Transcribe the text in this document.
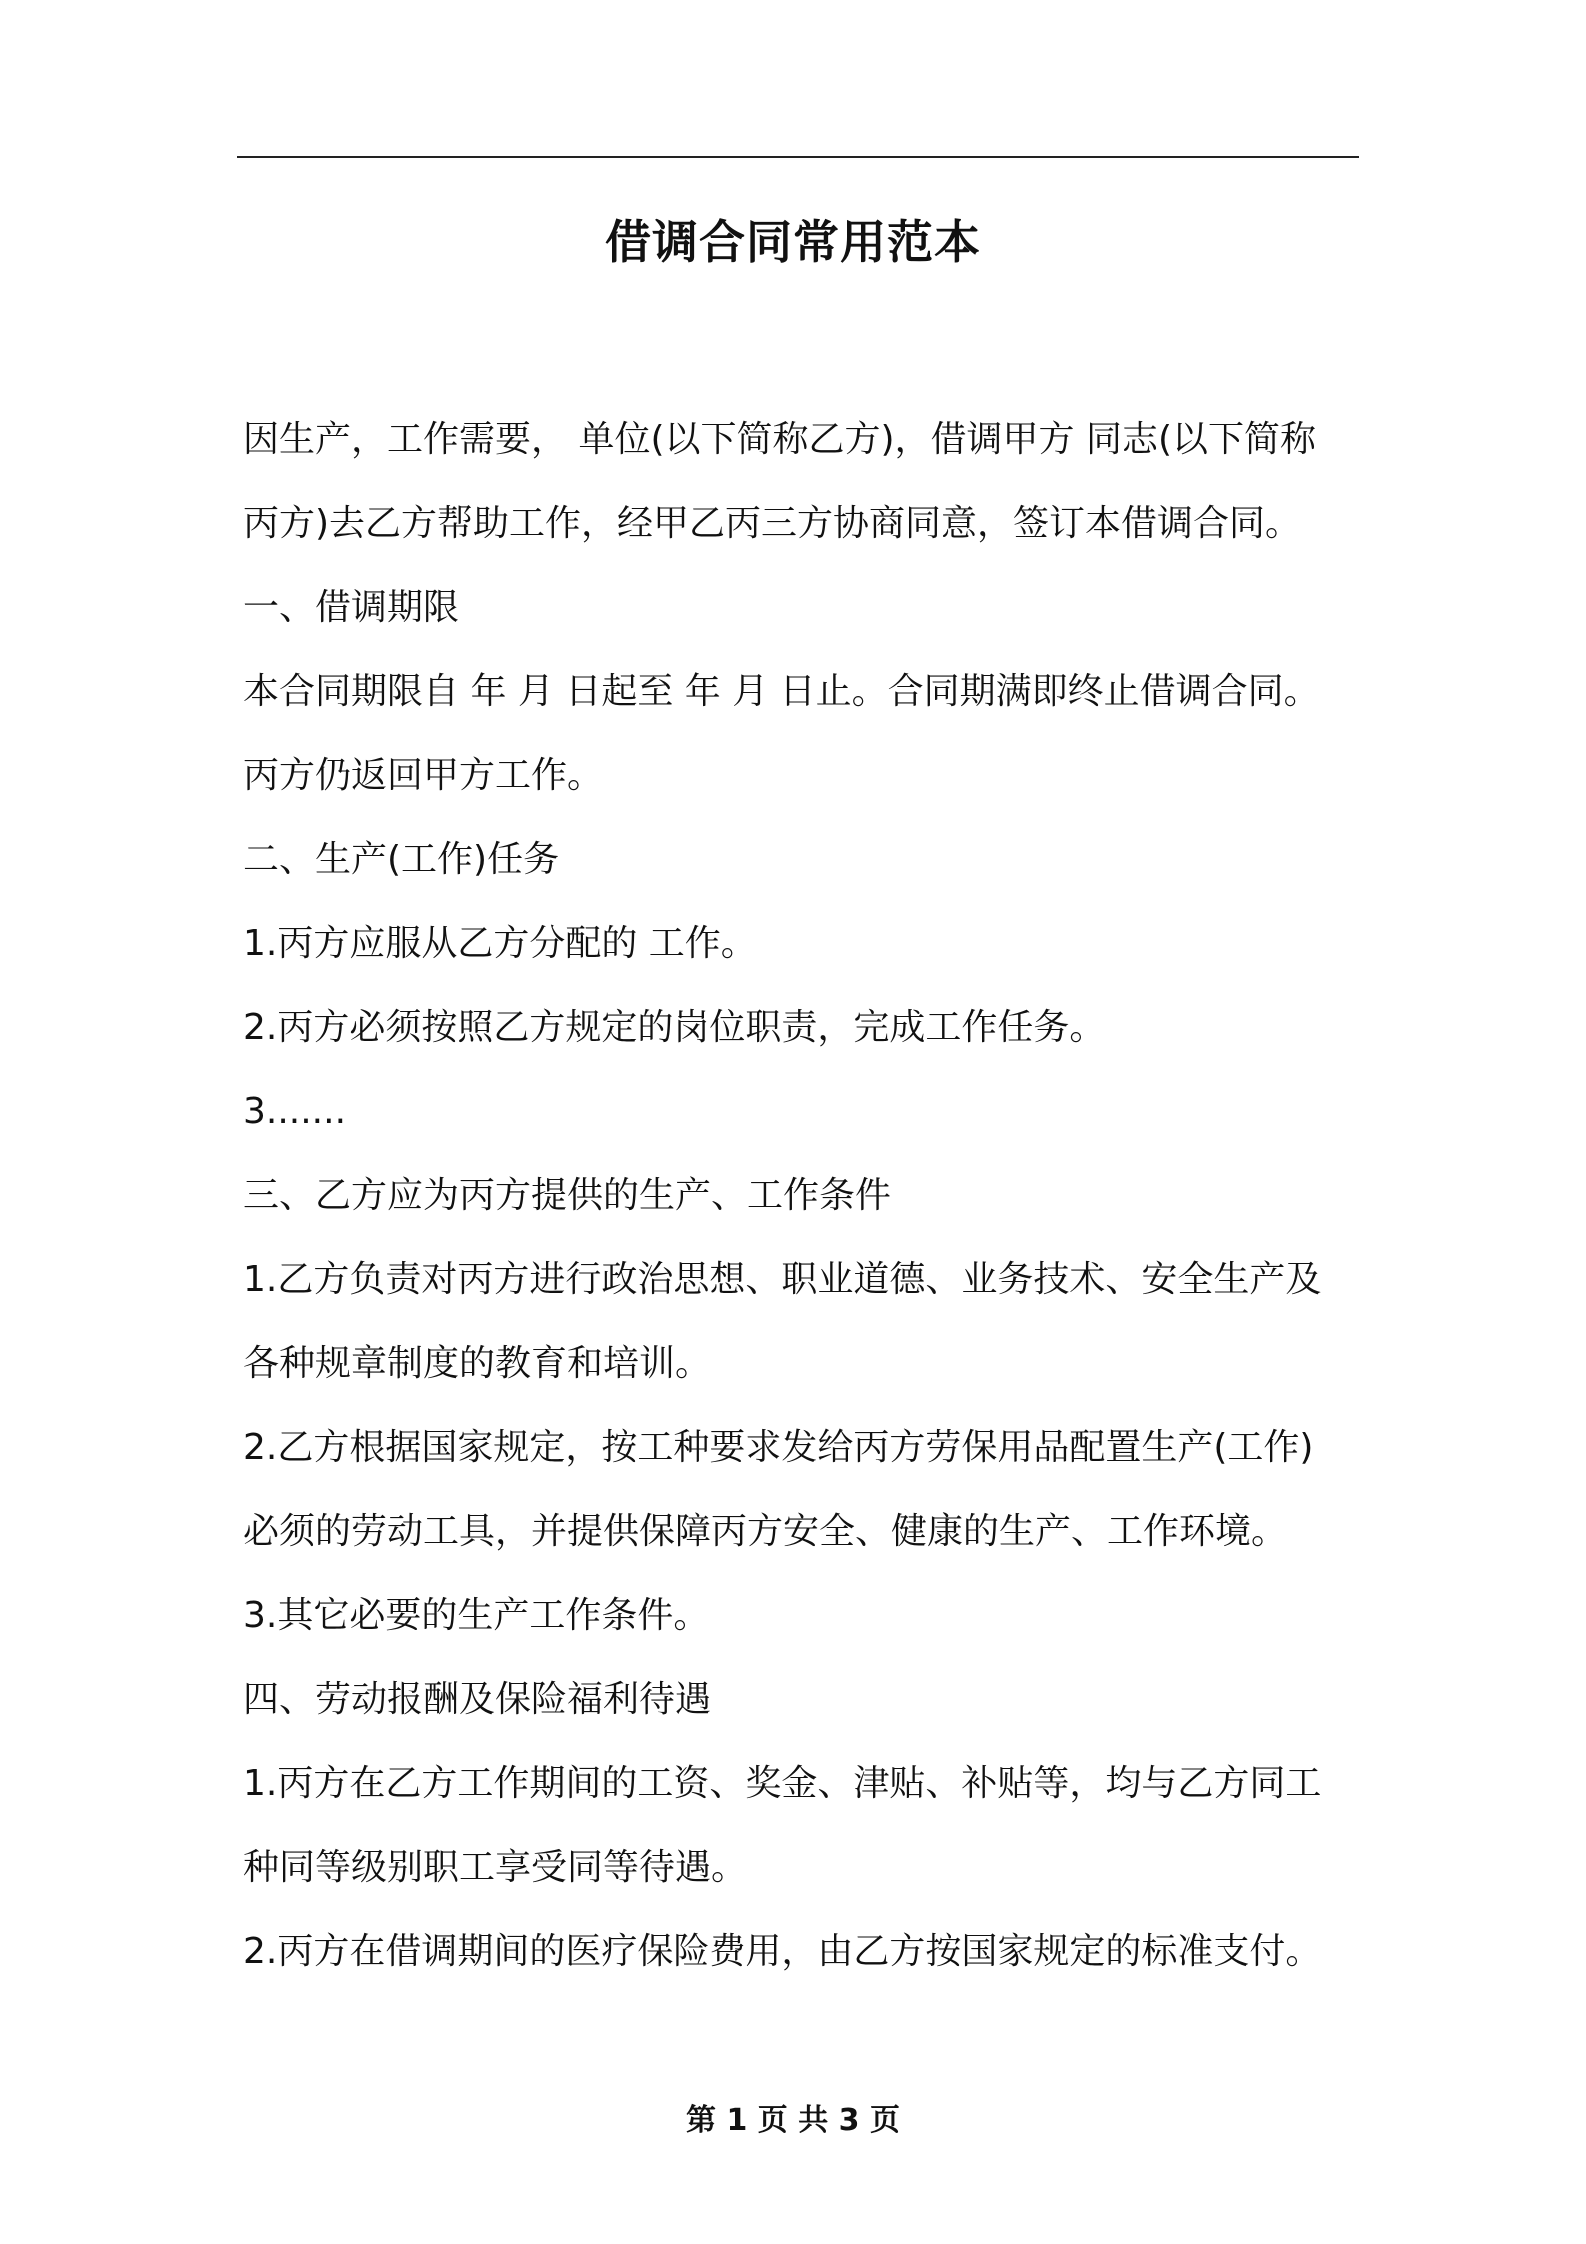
借调合同常用范本
因生产，工作需要， 单位(以下简称乙方)，借调甲方 同志(以下简称
丙方)去乙方帮助工作，经甲乙丙三方协商同意，签订本借调合同。
一、借调期限
本合同期限自 年 月 日起至 年 月 日止。合同期满即终止借调合同。
丙方仍返回甲方工作。
二、生产(工作)任务
1.丙方应服从乙方分配的 工作。
2.丙方必须按照乙方规定的岗位职责，完成工作任务。
3.......
三、乙方应为丙方提供的生产、工作条件
1.乙方负责对丙方进行政治思想、职业道德、业务技术、安全生产及
各种规章制度的教育和培训。
2.乙方根据国家规定，按工种要求发给丙方劳保用品配置生产(工作)
必须的劳动工具，并提供保障丙方安全、健康的生产、工作环境。
3.其它必要的生产工作条件。
四、劳动报酬及保险福利待遇
1.丙方在乙方工作期间的工资、奖金、津贴、补贴等，均与乙方同工
种同等级别职工享受同等待遇。
2.丙方在借调期间的医疗保险费用，由乙方按国家规定的标准支付。
第 1 页 共 3 页
